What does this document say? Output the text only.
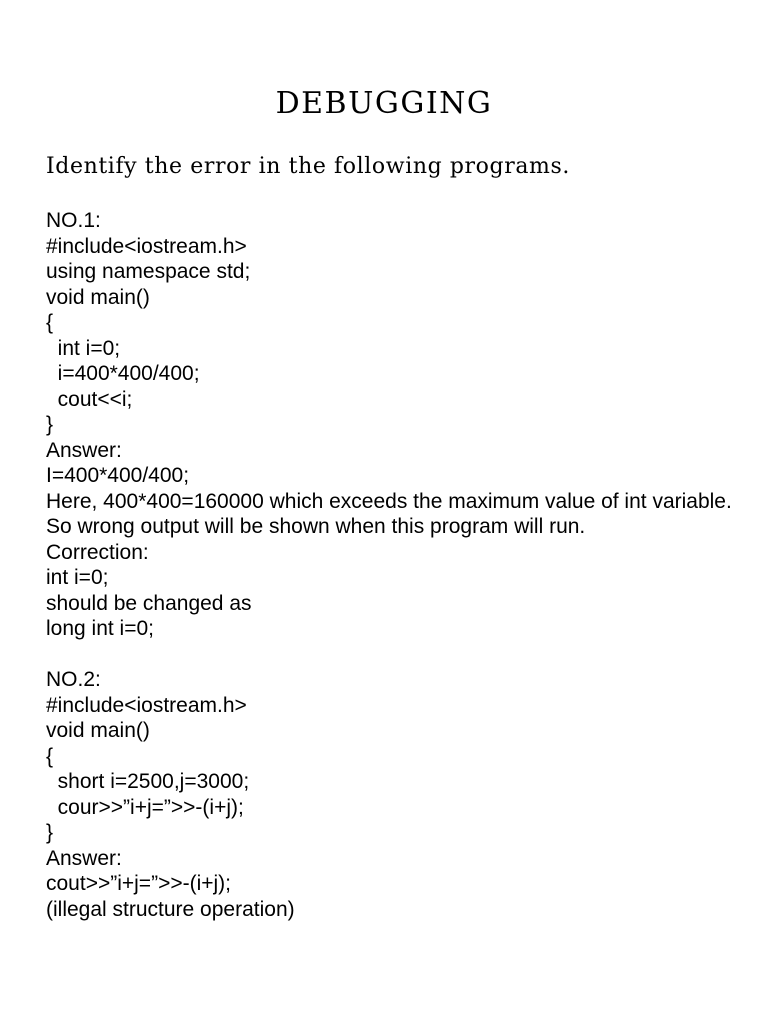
DEBUGGING
Identify the error in the following programs.
NO.1:
#include<iostream.h>
using namespace std;
void main()
{
int i=0;
i=400*400/400;
cout<<i;
}
Answer:
I=400*400/400;
Here, 400*400=160000 which exceeds the maximum value of int variable. So wrong output will be shown when this program will run.
Correction:
int i=0;
should be changed as
long int i=0;
NO.2:
#include<iostream.h>
void main()
{
short i=2500,j=3000;
cour>>”i+j=”>>-(i+j);
}
Answer:
cout>>”i+j=”>>-(i+j);
(illegal structure operation)
